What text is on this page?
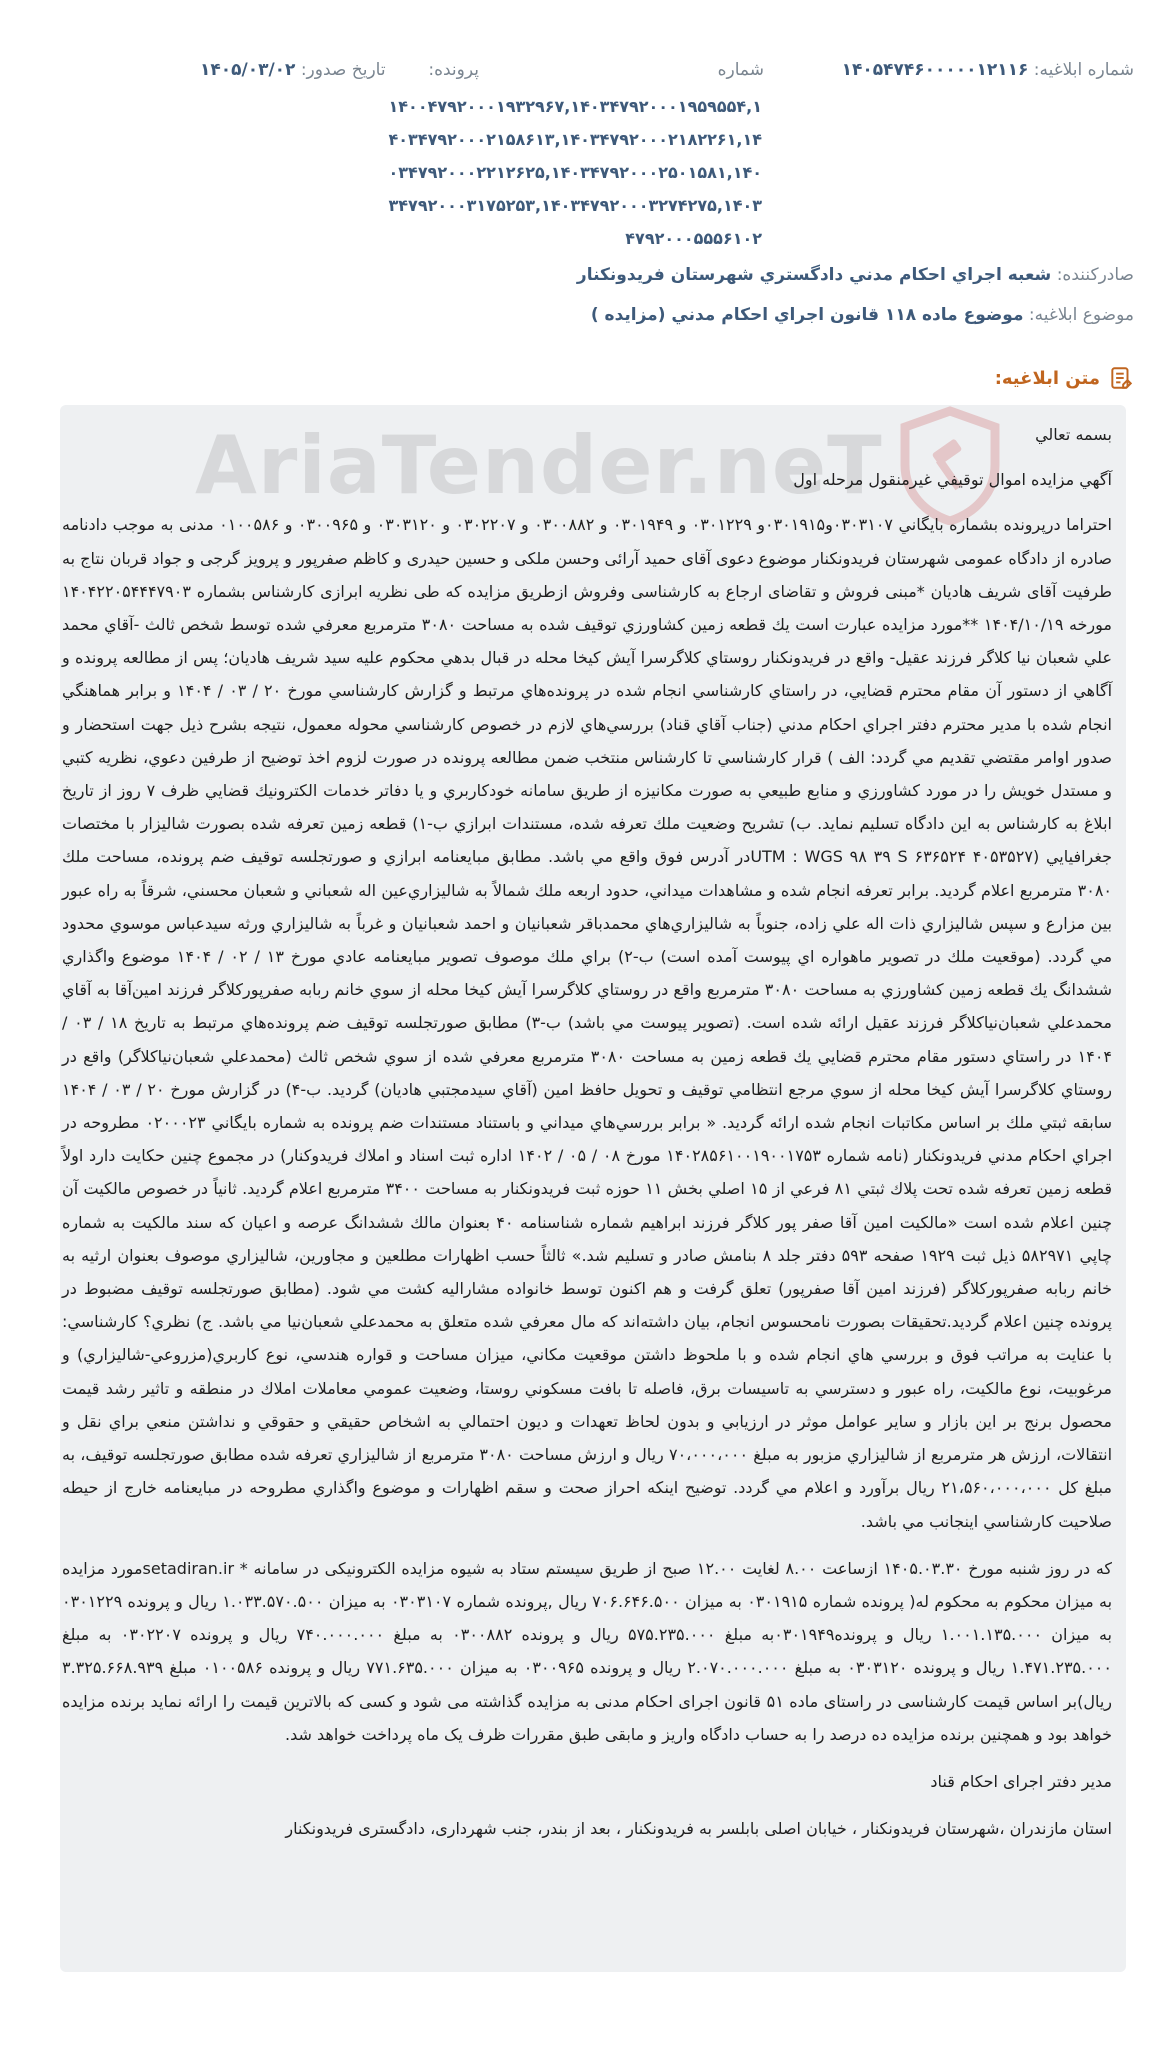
شماره ابلاغيه: ۱۴۰۵۴۷۴۶۰۰۰۰۰۱۲۱۱۶
شماره
پرونده:  تاريخ صدور: ۱۴۰۵/۰۳/۰۲
۱۴۰۰۴۷۹۲۰۰۰۱۹۳۲۹۶۷,۱۴۰۳۴۷۹۲۰۰۰۱۹۵۹۵۵۴,۱۴۰۳۴۷۹۲۰۰۰۲۱۵۸۶۱۳,۱۴۰۳۴۷۹۲۰۰۰۲۱۸۲۲۶۱,۱۴۰۳۴۷۹۲۰۰۰۲۲۱۲۶۲۵,۱۴۰۳۴۷۹۲۰۰۰۲۵۰۱۵۸۱,۱۴۰۳۴۷۹۲۰۰۰۳۱۷۵۲۵۳,۱۴۰۳۴۷۹۲۰۰۰۳۲۷۴۲۷۵,۱۴۰۳۴۷۹۲۰۰۰۵۵۵۶۱۰۲
صادرکننده: شعبه اجراي احکام مدني دادگستري شهرستان فريدونکنار
موضوع ابلاغيه: موضوع ماده ۱۱۸ قانون اجراي احکام مدني (مزايده )
متن ابلاغيه:
AriaTender.neT	بسمه تعالي

آگهي مزايده اموال توقيفي غيرمنقول مرحله اول

احتراما درپرونده بشماره بايگاني ۰۳۰۳۱۰۷و۰۳۰۱۹۱۵و ۰۳۰۱۲۲۹ و ۰۳۰۱۹۴۹ و ۰۳۰۰۸۸۲ و ۰۳۰۲۲۰۷ و ۰۳۰۳۱۲۰ و ۰۳۰۰۹۶۵ و ۰۱۰۰۵۸۶ مدنی به موجب دادنامه صادره از دادگاه عمومی شهرستان فریدونکنار موضوع دعوی آقای حمید آرائی وحسن ملکی و حسین حیدری و کاظم صفرپور و پرویز گرجی و جواد قربان نتاج به طرفیت آقای شریف هادیان *مبنی فروش و تقاضای ارجاع به کارشناسی وفروش ازطریق مزایده که طی نظریه ابرازی کارشناس بشماره ۱۴۰۴۲۲۰۵۴۴۴۷۹۰۳ مورخه ۱۴۰۴/۱۰/۱۹ **مورد مزايده عبارت است يك قطعه زمين کشاورزي توقيف شده به مساحت ۳۰۸۰ مترمربع معرفي شده توسط شخص ثالث -آقاي محمد علي شعبان نيا کلاگر فرزند عقيل- واقع در فريدونکنار روستاي کلاگرسرا آيش کيخا محله در قبال بدهي محکوم عليه سيد شريف هاديان؛ پس از مطالعه پرونده و آگاهي از دستور آن مقام محترم قضايي، در راستاي کارشناسي انجام شده در پرونده‌هاي مرتبط و گزارش کارشناسي مورخ ۲۰ / ۰۳ / ۱۴۰۴ و برابر هماهنگي انجام شده با مدير محترم دفتر اجراي احکام مدني (جناب آقاي قناد) بررسي‌هاي لازم در خصوص کارشناسي محوله معمول، نتيجه بشرح ذيل جهت استحضار و صدور اوامر مقتضي تقديم مي گردد: الف ) قرار کارشناسي تا کارشناس منتخب ضمن مطالعه پرونده در صورت لزوم اخذ توضيح از طرفين دعوي، نظريه کتبي و مستدل خويش را در مورد کشاورزي و منابع طبيعي به صورت مکانيزه از طريق سامانه خودکاربري و يا دفاتر خدمات الکترونيك قضايي ظرف ۷ روز از تاريخ ابلاغ به کارشناس به اين دادگاه تسليم نمايد. ب) تشريح وضعيت ملك تعرفه شده، مستندات ابرازي ب-۱) قطعه زمين تعرفه شده بصورت شاليزار با مختصات جغرافيايي (UTM : WGS ۹۸ ۳۹ S ۶۳۶۵۲۴ ۴۰۵۳۵۲۷در آدرس فوق واقع مي باشد. مطابق مبايعنامه ابرازي و صورتجلسه توقيف ضم پرونده، مساحت ملك ۳۰۸۰ مترمربع اعلام گرديد. برابر تعرفه انجام شده و مشاهدات ميداني، حدود اربعه ملك شمالاً به شاليزاري‌عين اله شعباني و شعبان محسني، شرقاً به راه عبور بين مزارع و سپس شاليزاري ذات اله علي زاده، جنوباً به شاليزاري‌هاي محمدباقر شعبانيان و احمد شعبانيان و غرباً به شاليزاري ورثه سيدعباس موسوي محدود مي گردد. (موقعيت ملك در تصوير ماهواره اي پيوست آمده است) ب-۲) براي ملك موصوف تصوير مبايعنامه عادي مورخ ۱۳ / ۰۲ / ۱۴۰۴ موضوع واگذاري ششدانگ يك قطعه زمين کشاورزي به مساحت ۳۰۸۰ مترمربع واقع در روستاي کلاگرسرا آيش کيخا محله از سوي خانم ربابه صفرپورکلاگر فرزند امين‌آقا به آقاي محمدعلي شعبان‌نياکلاگر فرزند عقيل ارائه شده است. (تصوير پيوست مي باشد) ب-۳) مطابق صورتجلسه توقيف ضم پرونده‌هاي مرتبط به تاريخ ۱۸ / ۰۳ / ۱۴۰۴ در راستاي دستور مقام محترم قضايي يك قطعه زمين به مساحت ۳۰۸۰ مترمربع معرفي شده از سوي شخص ثالث (محمدعلي شعبان‌نياکلاگر) واقع در روستاي کلاگرسرا آيش کيخا محله از سوي مرجع انتظامي توقيف و تحويل حافظ امين (آقاي سيدمجتبي هاديان) گرديد. ب-۴) در گزارش مورخ ۲۰ / ۰۳ / ۱۴۰۴ سابقه ثبتي ملك بر اساس مکاتبات انجام شده ارائه گرديد. « برابر بررسي‌هاي ميداني و باستناد مستندات ضم پرونده به شماره بايگاني ۰۲۰۰۰۲۳ مطروحه در اجراي احکام مدني فريدونکنار (نامه شماره ۱۴۰۲۸۵۶۱۰۰۱۹۰۰۱۷۵۳ مورخ ۰۸ / ۰۵ / ۱۴۰۲ اداره ثبت اسناد و املاك فريدوکنار) در مجموع چنين حکايت دارد اولاً قطعه زمين تعرفه شده تحت پلاك ثبتي ۸۱ فرعي از ۱۵ اصلي بخش ۱۱ حوزه ثبت فريدونکنار به مساحت ۳۴۰۰ مترمربع اعلام گرديد. ثانياً در خصوص مالکيت آن چنين اعلام شده است «مالکيت امين آقا صفر پور کلاگر فرزند ابراهيم شماره شناسنامه ۴۰ بعنوان مالك ششدانگ عرصه و اعيان که سند مالکيت به شماره چاپي ۵۸۲۹۷۱ ذيل ثبت ۱۹۲۹ صفحه ۵۹۳ دفتر جلد ۸ بنامش صادر و تسليم شد.» ثالثاً حسب اظهارات مطلعين و مجاورين، شاليزاري موصوف بعنوان ارثيه به خانم ربابه صفرپورکلاگر (فرزند امين آقا صفرپور) تعلق گرفت و هم اکنون توسط خانواده مشاراليه کشت مي شود. (مطابق صورتجلسه توقيف مضبوط در پرونده چنين اعلام گرديد.تحقيقات بصورت نامحسوس انجام، بيان داشته‌اند که مال معرفي شده متعلق به محمدعلي شعبان‌نيا مي باشد. ج) نظري؟ کارشناسي: با عنايت به مراتب فوق و بررسي هاي انجام شده و با ملحوظ داشتن موقعيت مکاني، ميزان مساحت و قواره هندسي، نوع کاربري(مزروعي-شاليزاري) و مرغوبيت، نوع مالکيت، راه عبور و دسترسي به تاسيسات برق، فاصله تا بافت مسکوني روستا، وضعيت عمومي معاملات املاك در منطقه و تاثير رشد قيمت محصول برنج بر اين بازار و ساير عوامل موثر در ارزيابي و بدون لحاظ تعهدات و ديون احتمالي به اشخاص حقيقي و حقوقي و نداشتن منعي براي نقل و انتقالات، ارزش هر مترمربع از شاليزاري مزبور به مبلغ ۷۰،۰۰۰،۰۰۰ ريال و ارزش مساحت ۳۰۸۰ مترمربع از شاليزاري تعرفه شده مطابق صورتجلسه توقيف، به مبلغ کل ۲۱،۵۶۰،۰۰۰،۰۰۰ ريال برآورد و اعلام مي گردد. توضيح اينکه احراز صحت و سقم اظهارات و موضوع واگذاري مطروحه در مبايعنامه خارج از حيطه صلاحيت کارشناسي اينجانب مي باشد.

که در روز شنبه مورخ ۱۴۰۵.۰۳.۳۰ ازساعت ۸.۰۰ لغایت ۱۲.۰۰ صبح از طریق سیستم ستاد به شیوه مزایده الکترونیکی در سامانه * setadiran.irمورد مزایده به میزان محکوم به محکوم له( پرونده شماره ۰۳۰۱۹۱۵ به میزان ۷۰۶.۶۴۶.۵۰۰ ریال ,پرونده شماره ۰۳۰۳۱۰۷ به میزان ۱.۰۳۳.۵۷۰.۵۰۰ ریال و پرونده ۰۳۰۱۲۲۹ به میزان ۱.۰۰۱.۱۳۵.۰۰۰ ریال و پرونده۰۳۰۱۹۴۹به مبلغ ۵۷۵.۲۳۵.۰۰۰ ریال و پرونده ۰۳۰۰۸۸۲ به مبلغ ۷۴۰.۰۰۰.۰۰۰ ریال و پرونده ۰۳۰۲۲۰۷ به مبلغ ۱.۴۷۱.۲۳۵.۰۰۰ ریال و پرونده ۰۳۰۳۱۲۰ به مبلغ ۲.۰۷۰.۰۰۰.۰۰۰ ریال و پرونده ۰۳۰۰۹۶۵ به میزان ۷۷۱.۶۳۵.۰۰۰ ریال و پرونده ۰۱۰۰۵۸۶ مبلغ ۳.۳۲۵.۶۶۸.۹۳۹ ریال)بر اساس قیمت کارشناسی در راستای ماده ۵۱ قانون اجرای احکام مدنی به مزایده گذاشته می شود و کسی که بالاترین قیمت را ارائه نماید برنده مزایده خواهد بود و همچنین برنده مزایده ده درصد را به حساب دادگاه واریز و مابقی طبق مقررات ظرف یک ماه پرداخت خواهد شد.

مدیر دفتر اجرای احکام قناد

استان مازندران ،شهرستان فریدونکنار ، خیابان اصلی بابلسر به فریدونکنار ، بعد از بندر، جنب شهرداری، دادگستری فریدونکنار
